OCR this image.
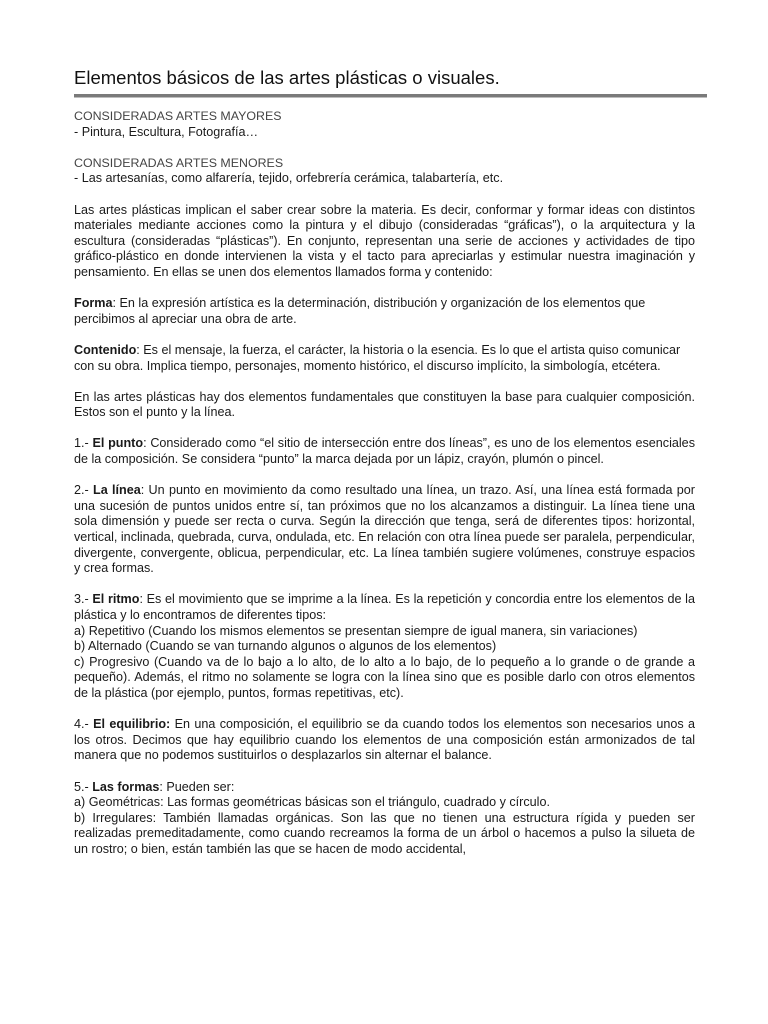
Elementos básicos de las artes plásticas o visuales.
CONSIDERADAS ARTES MAYORES
- Pintura, Escultura, Fotografía…
CONSIDERADAS ARTES MENORES
- Las artesanías, como alfarería, tejido, orfebrería cerámica, talabartería, etc.

Las artes plásticas implican el saber crear sobre la materia. Es decir, conformar y formar ideas con distintos materiales mediante acciones como la pintura y el dibujo (consideradas “gráficas”), o la arquitectura y la escultura (consideradas “plásticas”). En conjunto, representan una serie de acciones y actividades de tipo gráfico-plástico en donde intervienen la vista y el tacto para apreciarlas y estimular nuestra imaginación y pensamiento. En ellas se unen dos elementos llamados forma y contenido:

Forma: En la expresión artística es la determinación, distribución y organización de los elementos que percibimos al apreciar una obra de arte.

Contenido: Es el mensaje, la fuerza, el carácter, la historia o la esencia. Es lo que el artista quiso comunicar con su obra. Implica tiempo, personajes, momento histórico, el discurso implícito, la simbología, etcétera.

En las artes plásticas hay dos elementos fundamentales que constituyen la base para cualquier composición. Estos son el punto y la línea.

1.- El punto: Considerado como “el sitio de intersección entre dos líneas”, es uno de los elementos esenciales de la composición. Se considera “punto” la marca dejada por un lápiz, crayón, plumón o pincel.

2.- La línea: Un punto en movimiento da como resultado una línea, un trazo. Así, una línea está formada por una sucesión de puntos unidos entre sí, tan próximos que no los alcanzamos a distinguir. La línea tiene una sola dimensión y puede ser recta o curva. Según la dirección que tenga, será de diferentes tipos: horizontal, vertical, inclinada, quebrada, curva, ondulada, etc. En relación con otra línea puede ser paralela, perpendicular, divergente, convergente, oblicua, perpendicular, etc. La línea también sugiere volúmenes, construye espacios y crea formas.

3.- El ritmo: Es el movimiento que se imprime a la línea. Es la repetición y concordia entre los elementos de la plástica y lo encontramos de diferentes tipos:
a) Repetitivo (Cuando los mismos elementos se presentan siempre de igual manera, sin variaciones)
b) Alternado (Cuando se van turnando algunos o algunos de los elementos)
c) Progresivo (Cuando va de lo bajo a lo alto, de lo alto a lo bajo, de lo pequeño a lo grande o de grande a pequeño). Además, el ritmo no solamente se logra con la línea sino que es posible darlo con otros elementos de la plástica (por ejemplo, puntos, formas repetitivas, etc).

4.- El equilibrio: En una composición, el equilibrio se da cuando todos los elementos son necesarios unos a los otros. Decimos que hay equilibrio cuando los elementos de una composición están armonizados de tal manera que no podemos sustituirlos o desplazarlos sin alternar el balance.

5.- Las formas: Pueden ser:
a) Geométricas: Las formas geométricas básicas son el triángulo, cuadrado y círculo.
b) Irregulares: También llamadas orgánicas. Son las que no tienen una estructura rígida y pueden ser realizadas premeditadamente, como cuando recreamos la forma de un árbol o hacemos a pulso la silueta de un rostro; o bien, están también las que se hacen de modo accidental,
